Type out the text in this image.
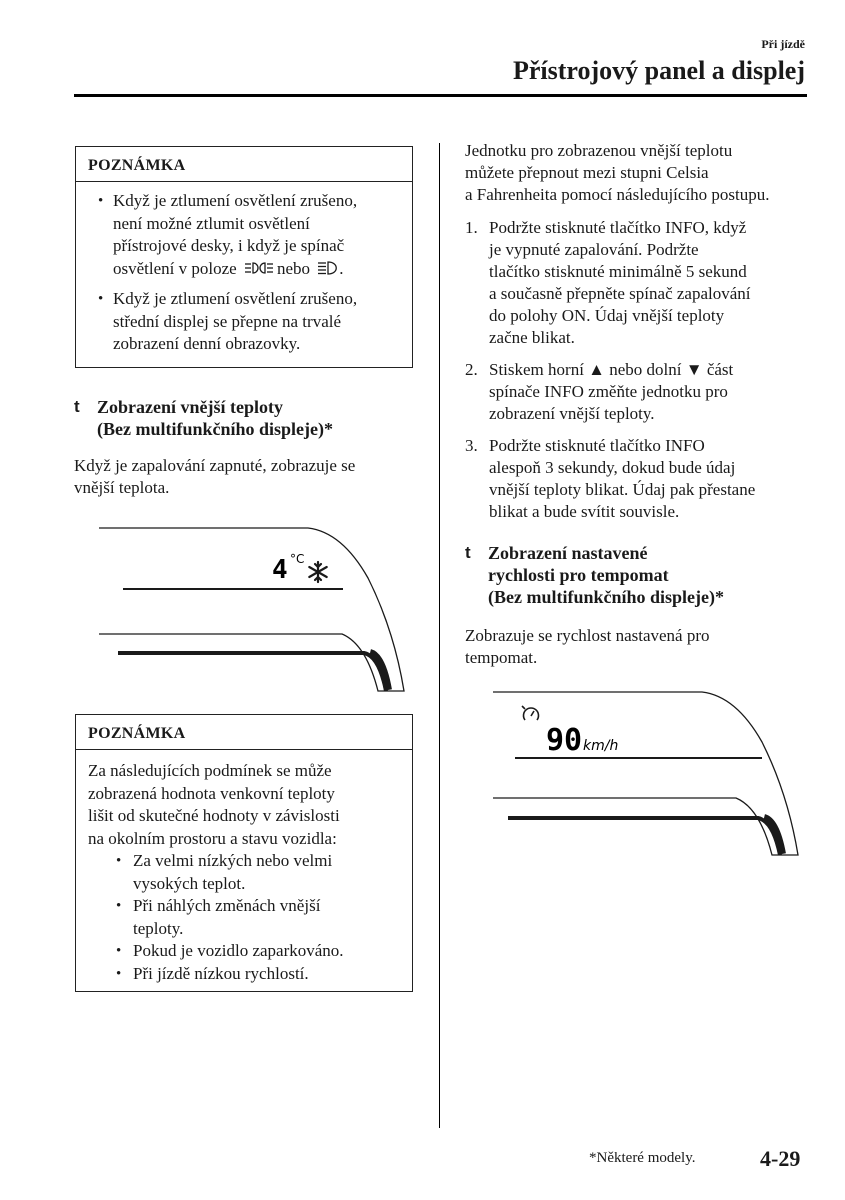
Při jízdě
Přístrojový panel a displej
POZNÁMKA
• Když je ztlumení osvětlení zrušeno,
není možné ztlumit osvětlení
přístrojové desky, i když je spínač
osvětlení v poloze nebo .
• Když je ztlumení osvětlení zrušeno,
střední displej se přepne na trvalé
zobrazení denní obrazovky.
t Zobrazení vnější teploty
(Bez multifunkčního displeje)*
Když je zapalování zapnuté, zobrazuje se
vnější teplota.
4 °C
POZNÁMKA
Za následujících podmínek se může
zobrazená hodnota venkovní teploty
lišit od skutečné hodnoty v závislosti
na okolním prostoru a stavu vozidla:
• Za velmi nízkých nebo velmi
vysokých teplot.
• Při náhlých změnách vnější
teploty.
• Pokud je vozidlo zaparkováno.
• Při jízdě nízkou rychlostí.
Jednotku pro zobrazenou vnější teplotu
můžete přepnout mezi stupni Celsia
a Fahrenheita pomocí následujícího postupu.
1. Podržte stisknuté tlačítko INFO, když
je vypnuté zapalování. Podržte
tlačítko stisknuté minimálně 5 sekund
a současně přepněte spínač zapalování
do polohy ON. Údaj vnější teploty
začne blikat.
2. Stiskem horní ▲ nebo dolní ▼ část
spínače INFO změňte jednotku pro
zobrazení vnější teploty.
3. Podržte stisknuté tlačítko INFO
alespoň 3 sekundy, dokud bude údaj
vnější teploty blikat. Údaj pak přestane
blikat a bude svítit souvisle.
t Zobrazení nastavené
rychlosti pro tempomat
(Bez multifunkčního displeje)*
Zobrazuje se rychlost nastavená pro
tempomat.
90 km/h
*Některé modely.	4-29
